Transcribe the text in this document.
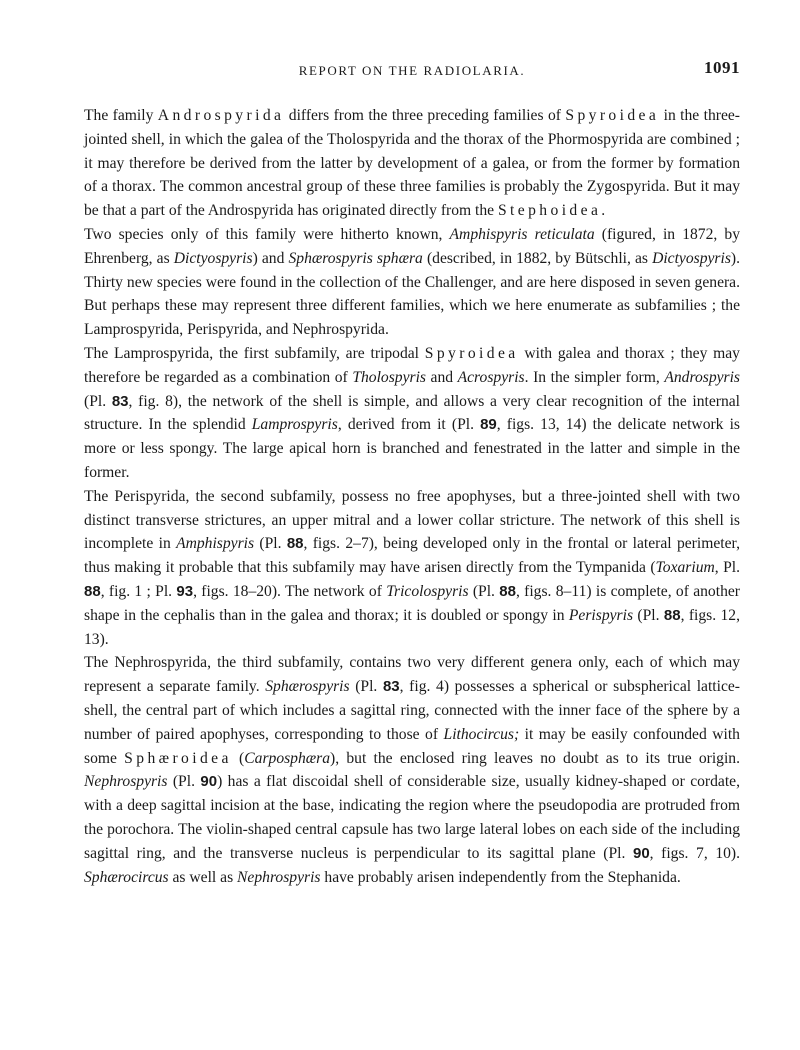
REPORT ON THE RADIOLARIA.	1091

The family Androspyrida differs from the three preceding families of Spyroidea in the three-jointed shell, in which the galea of the Tholospyrida and the thorax of the Phormospyrida are combined ; it may therefore be derived from the latter by development of a galea, or from the former by formation of a thorax. The common ancestral group of these three families is probably the Zygospyrida. But it may be that a part of the Androspyrida has originated directly from the Stephoidea.

Two species only of this family were hitherto known, Amphispyris reticulata (figured, in 1872, by Ehrenberg, as Dictyospyris) and Sphærospyris sphæra (described, in 1882, by Bütschli, as Dictyospyris). Thirty new species were found in the collection of the Challenger, and are here disposed in seven genera. But perhaps these may represent three different families, which we here enumerate as subfamilies ; the Lamprospyrida, Perispyrida, and Nephrospyrida.

The Lamprospyrida, the first subfamily, are tripodal Spyroidea with galea and thorax ; they may therefore be regarded as a combination of Tholospyris and Acrospyris. In the simpler form, Androspyris (Pl. 83, fig. 8), the network of the shell is simple, and allows a very clear recognition of the internal structure. In the splendid Lamprospyris, derived from it (Pl. 89, figs. 13, 14) the delicate network is more or less spongy. The large apical horn is branched and fenestrated in the latter and simple in the former.

The Perispyrida, the second subfamily, possess no free apophyses, but a three-jointed shell with two distinct transverse strictures, an upper mitral and a lower collar stricture. The network of this shell is incomplete in Amphispyris (Pl. 88, figs. 2–7), being developed only in the frontal or lateral perimeter, thus making it probable that this subfamily may have arisen directly from the Tympanida (Toxarium, Pl. 88, fig. 1 ; Pl. 93, figs. 18–20). The network of Tricolospyris (Pl. 88, figs. 8–11) is complete, of another shape in the cephalis than in the galea and thorax; it is doubled or spongy in Perispyris (Pl. 88, figs. 12, 13).

The Nephrospyrida, the third subfamily, contains two very different genera only, each of which may represent a separate family. Sphærospyris (Pl. 83, fig. 4) possesses a spherical or subspherical lattice-shell, the central part of which includes a sagittal ring, connected with the inner face of the sphere by a number of paired apophyses, corresponding to those of Lithocircus; it may be easily confounded with some Sphæroidea (Carposphæra), but the enclosed ring leaves no doubt as to its true origin. Nephrospyris (Pl. 90) has a flat discoidal shell of considerable size, usually kidney-shaped or cordate, with a deep sagittal incision at the base, indicating the region where the pseudopodia are protruded from the porochora. The violin-shaped central capsule has two large lateral lobes on each side of the including sagittal ring, and the transverse nucleus is perpendicular to its sagittal plane (Pl. 90, figs. 7, 10). Sphærocircus as well as Nephrospyris have probably arisen independently from the Stephanida.
